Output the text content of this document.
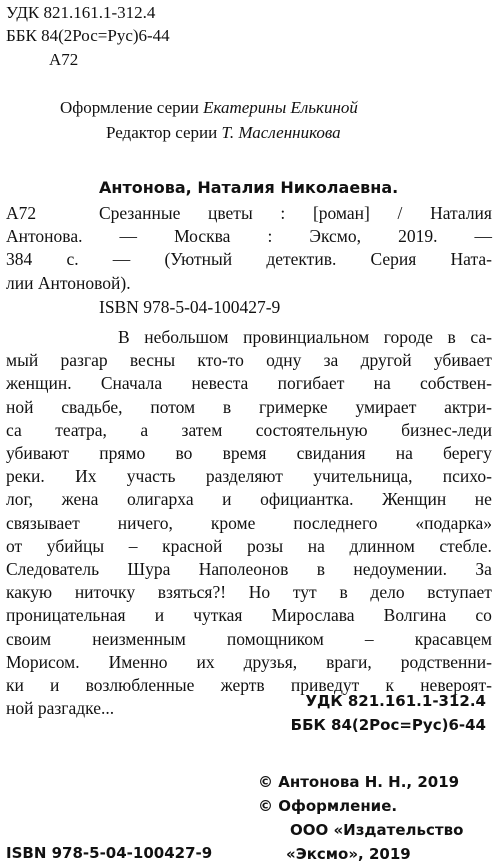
УДК 821.161.1-312.4
ББК 84(2Рос=Рус)6-44
А72
Оформление серии Екатерины Елькиной
Редактор серии Т. Масленникова
Антонова, Наталия Николаевна.
А72	Срезанные цветы : [роман] / Наталия
Антонова. — Москва : Эксмо, 2019. —
384 с. — (Уютный детектив. Серия Ната-
лии Антоновой).
ISBN 978-5-04-100427-9
В небольшом провинциальном городе в са-
мый разгар весны кто-то одну за другой убивает
женщин. Сначала невеста погибает на собствен-
ной свадьбе, потом в гримерке умирает актри-
са театра, а затем состоятельную бизнес-леди
убивают прямо во время свидания на берегу
реки. Их участь разделяют учительница, психо-
лог, жена олигарха и официантка. Женщин не
связывает ничего, кроме последнего «подарка»
от убийцы – красной розы на длинном стебле.
Следователь Шура Наполеонов в недоумении. За
какую ниточку взяться?! Но тут в дело вступает
проницательная и чуткая Мирослава Волгина со
своим неизменным помощником – красавцем
Морисом. Именно их друзья, враги, родственни-
ки и возлюбленные жертв приведут к невероят-
ной разгадке...	УДК 821.161.1-312.4
ББК 84(2Рос=Рус)6-44
© Антонова Н. Н., 2019
© Оформление.
ООО «Издательство
«Эксмо», 2019
ISBN 978-5-04-100427-9
